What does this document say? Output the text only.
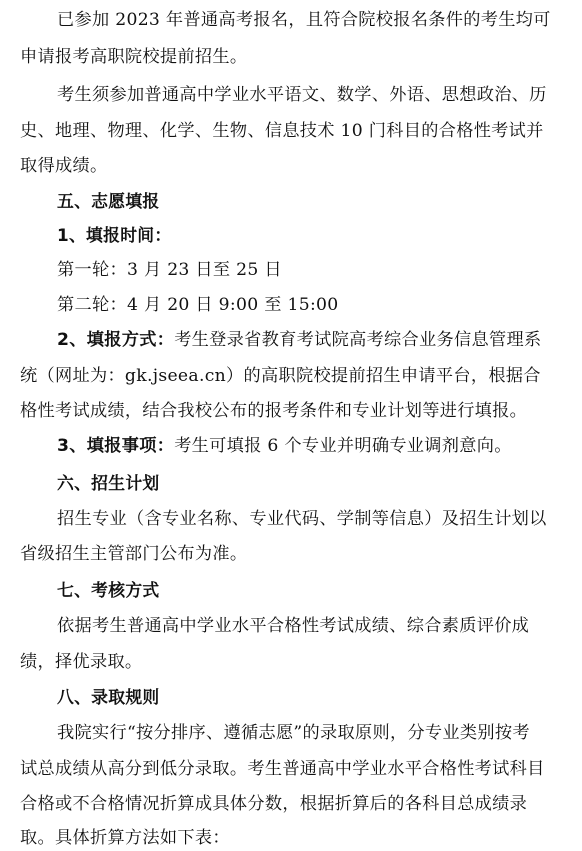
已参加 2023 年普通高考报名，且符合院校报名条件的考生均可
申请报考高职院校提前招生。
考生须参加普通高中学业水平语文、数学、外语、思想政治、历
史、地理、物理、化学、生物、信息技术 10 门科目的合格性考试并
取得成绩。
五、志愿填报
1、填报时间：
第一轮：3 月 23 日至 25 日
第二轮：4 月 20 日 9:00 至 15:00
2、填报方式：考生登录省教育考试院高考综合业务信息管理系
统（网址为：gk.jseea.cn）的高职院校提前招生申请平台，根据合
格性考试成绩，结合我校公布的报考条件和专业计划等进行填报。
3、填报事项：考生可填报 6 个专业并明确专业调剂意向。
六、招生计划
招生专业（含专业名称、专业代码、学制等信息）及招生计划以
省级招生主管部门公布为准。
七、考核方式
依据考生普通高中学业水平合格性考试成绩、综合素质评价成
绩，择优录取。
八、录取规则
我院实行“按分排序、遵循志愿”的录取原则，分专业类别按考
试总成绩从高分到低分录取。考生普通高中学业水平合格性考试科目
合格或不合格情况折算成具体分数，根据折算后的各科目总成绩录
取。具体折算方法如下表：
